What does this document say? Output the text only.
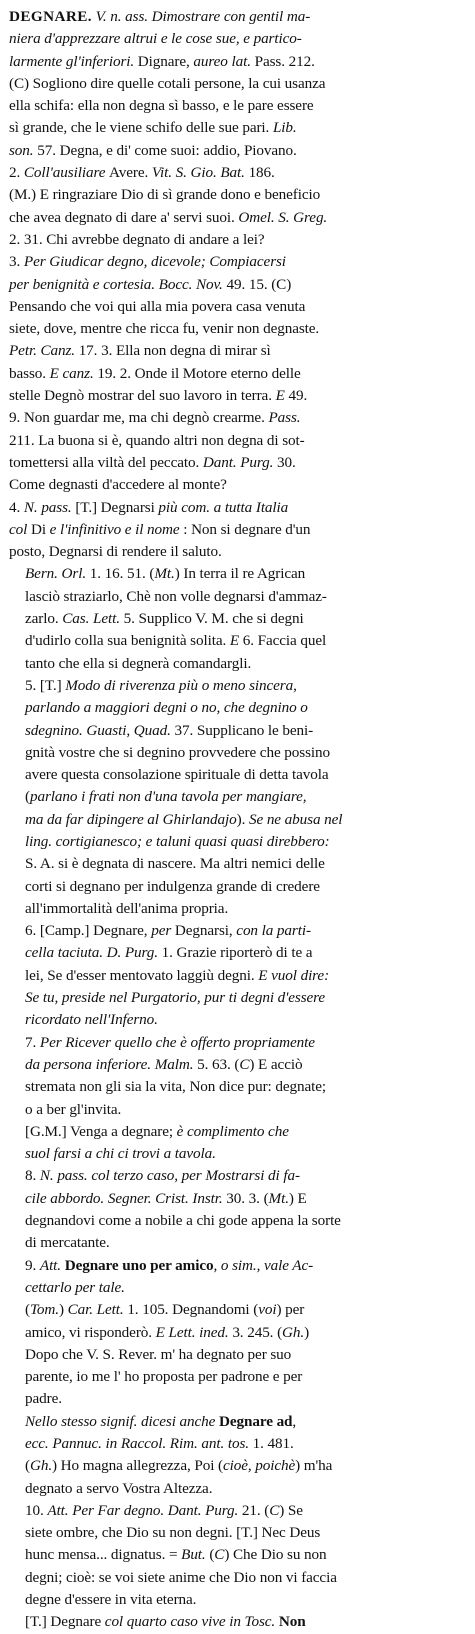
DEGNARE. V. n. ass. Dimostrare con gentil ma-
niera d'apprezzare altrui e le cose sue, e partico-
larmente gl'inferiori. Dignare, aureo lat. Pass. 212.
(C) Sogliono dire quelle cotali persone, la cui usanza
ella schifa: ella non degna sì basso, e le pare essere
sì grande, che le viene schifo delle sue pari. Lib.
son. 57. Degna, e di' come suoi: addio, Piovano.
2. Coll'ausiliare Avere. Vit. S. Gio. Bat. 186.
(M.) E ringraziare Dio di sì grande dono e beneficio
che avea degnato di dare a' servi suoi. Omel. S. Greg.
2. 31. Chi avrebbe degnato di andare a lei?
3. Per Giudicar degno, dicevole; Compiacersi
per benignità e cortesia. Bocc. Nov. 49. 15. (C)
Pensando che voi qui alla mia povera casa venuta
siete, dove, mentre che ricca fu, venir non degnaste.
Petr. Canz. 17. 3. Ella non degna di mirar sì
basso. E canz. 19. 2. Onde il Motore eterno delle
stelle Degnò mostrar del suo lavoro in terra. E 49.
9. Non guardar me, ma chi degnò crearme. Pass.
211. La buona si è, quando altri non degna di sot-
tomettersi alla viltà del peccato. Dant. Purg. 30.
Come degnasti d'accedere al monte?
4. N. pass. [T.] Degnarsi più com. a tutta Italia
col Di e l'infinitivo e il nome : Non si degnare d'un
posto, Degnarsi di rendere il saluto.
Bern. Orl. 1. 16. 51. (Mt.) In terra il re Agrican
lasciò straziarlo, Chè non volle degnarsi d'ammaz-
zarlo. Cas. Lett. 5. Supplico V. M. che si degni
d'udirlo colla sua benignità solita. E 6. Faccia quel
tanto che ella si degnerà comandargli.
5. [T.] Modo di riverenza più o meno sincera,
parlando a maggiori degni o no, che degnino o
sdegnino. Guasti, Quad. 37. Supplicano le beni-
gnità vostre che si degnino provvedere che possino
avere questa consolazione spirituale di detta tavola
(parlano i frati non d'una tavola per mangiare,
ma da far dipingere al Ghirlandajo). Se ne abusa nel
ling. cortigianesco; e taluni quasi quasi direbbero:
S. A. si è degnata di nascere. Ma altri nemici delle
corti si degnano per indulgenza grande di credere
all'immortalità dell'anima propria.
6. [Camp.] Degnare, per Degnarsi, con la parti-
cella taciuta. D. Purg. 1. Grazie riporterò di te a
lei, Se d'esser mentovato laggiù degni. E vuol dire:
Se tu, preside nel Purgatorio, pur ti degni d'essere
ricordato nell'Inferno.
7. Per Ricever quello che è offerto propriamente
da persona inferiore. Malm. 5. 63. (C) E acciò
stremata non gli sia la vita, Non dice pur: degnate;
o a ber gl'invita.
[G.M.] Venga a degnare; è complimento che
suol farsi a chi ci trovi a tavola.
8. N. pass. col terzo caso, per Mostrarsi di fa-
cile abbordo. Segner. Crist. Instr. 30. 3. (Mt.) E
degnandovi come a nobile a chi gode appena la sorte
di mercatante.
9. Att. Degnare uno per amico, o sim., vale Ac-
cettarlo per tale.
(Tom.) Car. Lett. 1. 105. Degnandomi (voi) per
amico, vi risponderò. E Lett. ined. 3. 245. (Gh.)
Dopo che V. S. Rever. m' ha degnato per suo
parente, io me l' ho proposta per padrone e per
padre.
Nello stesso signif. dicesi anche Degnare ad,
ecc. Pannuc. in Raccol. Rim. ant. tos. 1. 481.
(Gh.) Ho magna allegrezza, Poi (cioè, poichè) m'ha
degnato a servo Vostra Altezza.
10. Att. Per Far degno. Dant. Purg. 21. (C) Se
siete ombre, che Dio su non degni. [T.] Nec Deus
hunc mensa... dignatus. = But. (C) Che Dio su non
degni; cioè: se voi siete anime che Dio non vi faccia
degne d'essere in vita eterna.
[T.] Degnare col quarto caso vive in Tosc. Non
